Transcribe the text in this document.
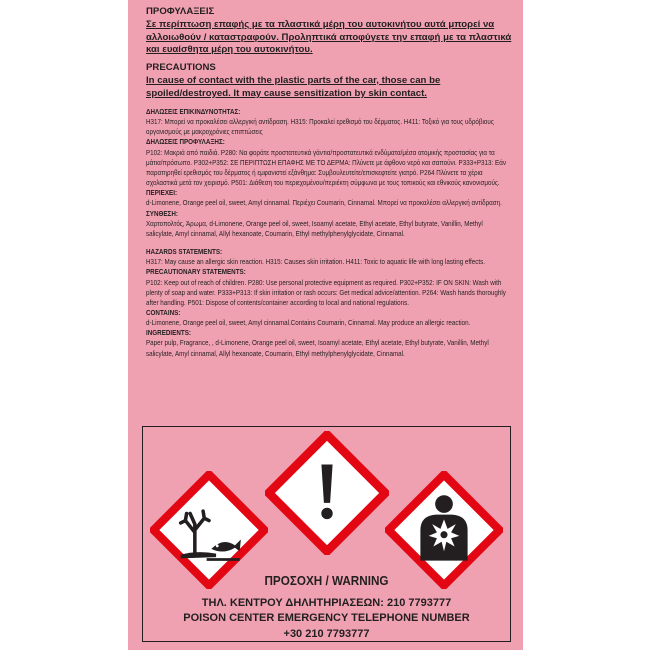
ΠΡΟΦΥΛΑΞΕΙΣ
Σε περίπτωση επαφής με τα πλαστικά μέρη του αυτοκινήτου αυτά μπορεί να αλλοιωθούν / καταστραφούν. Προληπτικά αποφύγετε την επαφή με τα πλαστικά και ευαίσθητα μέρη του αυτοκινήτου.
PRECAUTIONS
In cause of contact with the plastic parts of the car, those can be spoiled/destroyed. It may cause sensitization by skin contact.
ΔΗΛΩΣΕΙΣ ΕΠΙΚΙΝΔΥΝΟΤΗΤΑΣ:

H317: Μπορεί να προκαλέσει αλλεργική αντίδραση. H315: Προκαλεί ερεθισμό του δέρματος. H411: Τοξικό για τους υδρόβιους οργανισμούς με μακροχρόνιες επιπτώσεις

ΔΗΛΩΣΕΙΣ ΠΡΟΦΥΛΑΞΗΣ:

P102: Μακριά από παιδιά. P280: Να φοράτε προστατευτικά γάντια/προστατευτικά ενδύματα/μέσα ατομικής προστασίας για τα μάτια/πρόσωπο. P302+P352: ΣΕ ΠΕΡΙΠΤΩΣΗ ΕΠΑΦΗΣ ΜΕ ΤΟ ΔΕΡΜΑ: Πλύνετε με άφθονο νερό και σαπούνι. P333+P313: Εάν παρατηρηθεί ερεθισμός του δέρματος ή εμφανιστεί εξάνθημα: Συμβουλευτείτε/επισκεφτείτε γιατρό. P264 Πλύνετε τα χέρια σχολαστικά μετά τον χειρισμό. P501: Διάθεση του περιεχομένου/περιέκτη σύμφωνα με τους τοπικούς και εθνικούς κανονισμούς.

ΠΕΡΙΕΧΕΙ:

d-Limonene, Orange peel oil, sweet, Amyl cinnamal. Περιέχει Coumarin, Cinnamal. Μπορεί να προκαλέσει αλλεργική αντίδραση.

ΣΥΝΘΕΣΗ:

Χαρτοπολτός, Άρωμα, d-Limonene, Orange peel oil, sweet, Isoamyl acetate, Ethyl acetate, Ethyl butyrate, Vanillin, Methyl salicylate, Amyl cinnamal, Allyl hexanoate, Coumarin, Ethyl methylphenylglycidate, Cinnamal.

HAZARDS STATEMENTS:

H317: May cause an allergic skin reaction. H315: Causes skin irritation. H411: Toxic to aquatic life with long lasting effects.

PRECAUTIONARY STATEMENTS:

P102: Keep out of reach of children. P280: Use personal protective equipment as required. P302+P352: IF ON SKIN: Wash with plenty of soap and water. P333+P313: If skin irritation or rash occurs: Get medical advice/attention. P264: Wash hands thoroughly after handling. P501: Dispose of contents/container according to local and national regulations.

CONTAINS:

d-Limonene, Orange peel oil, sweet, Amyl cinnamal.Contains Coumarin, Cinnamal. May produce an allergic reaction.

INGREDIENTS:

Paper pulp, Fragrance, , d-Limonene, Orange peel oil, sweet, Isoamyl acetate, Ethyl acetate, Ethyl butyrate, Vanillin, Methyl salicylate, Amyl cinnamal, Allyl hexanoate, Coumarin, Ethyl methylphenylglycidate, Cinnamal.

ΠΡΟΣΟΧΗ / WARNING
ΤΗΛ. ΚΕΝΤΡΟΥ ΔΗΛΗΤΗΡΙΑΣΕΩΝ: 210 7793777
POISON CENTER EMERGENCY TELEPHONE NUMBER
+30 210 7793777
